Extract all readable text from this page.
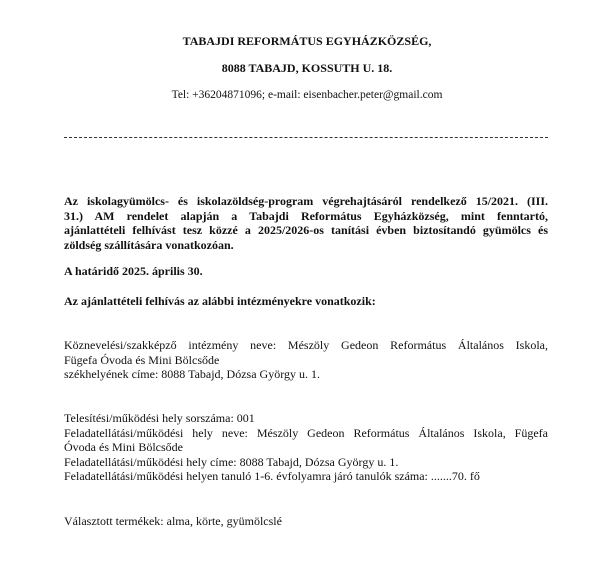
TABAJDI REFORMÁTUS EGYHÁZKÖZSÉG,
8088 TABAJD, KOSSUTH U. 18.
Tel: +36204871096; e-mail: eisenbacher.peter@gmail.com
Az iskolagyümölcs- és iskolazöldség-program végrehajtásáról rendelkező 15/2021. (III.
31.) AM rendelet alapján a Tabajdi Református Egyházközség, mint fenntartó,
ajánlattételi felhívást tesz közzé a 2025/2026-os tanítási évben biztosítandó gyümölcs és
zöldség szállítására vonatkozóan.
A határidő 2025. április 30.
Az ajánlattételi felhívás az alábbi intézményekre vonatkozik:
Köznevelési/szakképző intézmény neve: Mészöly Gedeon Református Általános Iskola,
Fügefa Óvoda és Mini Bölcsőde
székhelyének címe: 8088 Tabajd, Dózsa György u. 1.
Telesítési/működési hely sorszáma: 001
Feladatellátási/működési hely neve: Mészöly Gedeon Református Általános Iskola, Fügefa
Óvoda és Mini Bölcsőde
Feladatellátási/működési hely címe: 8088 Tabajd, Dózsa György u. 1.
Feladatellátási/működési helyen tanuló 1-6. évfolyamra járó tanulók száma: .......70. fő
Választott termékek: alma, körte, gyümölcslé
